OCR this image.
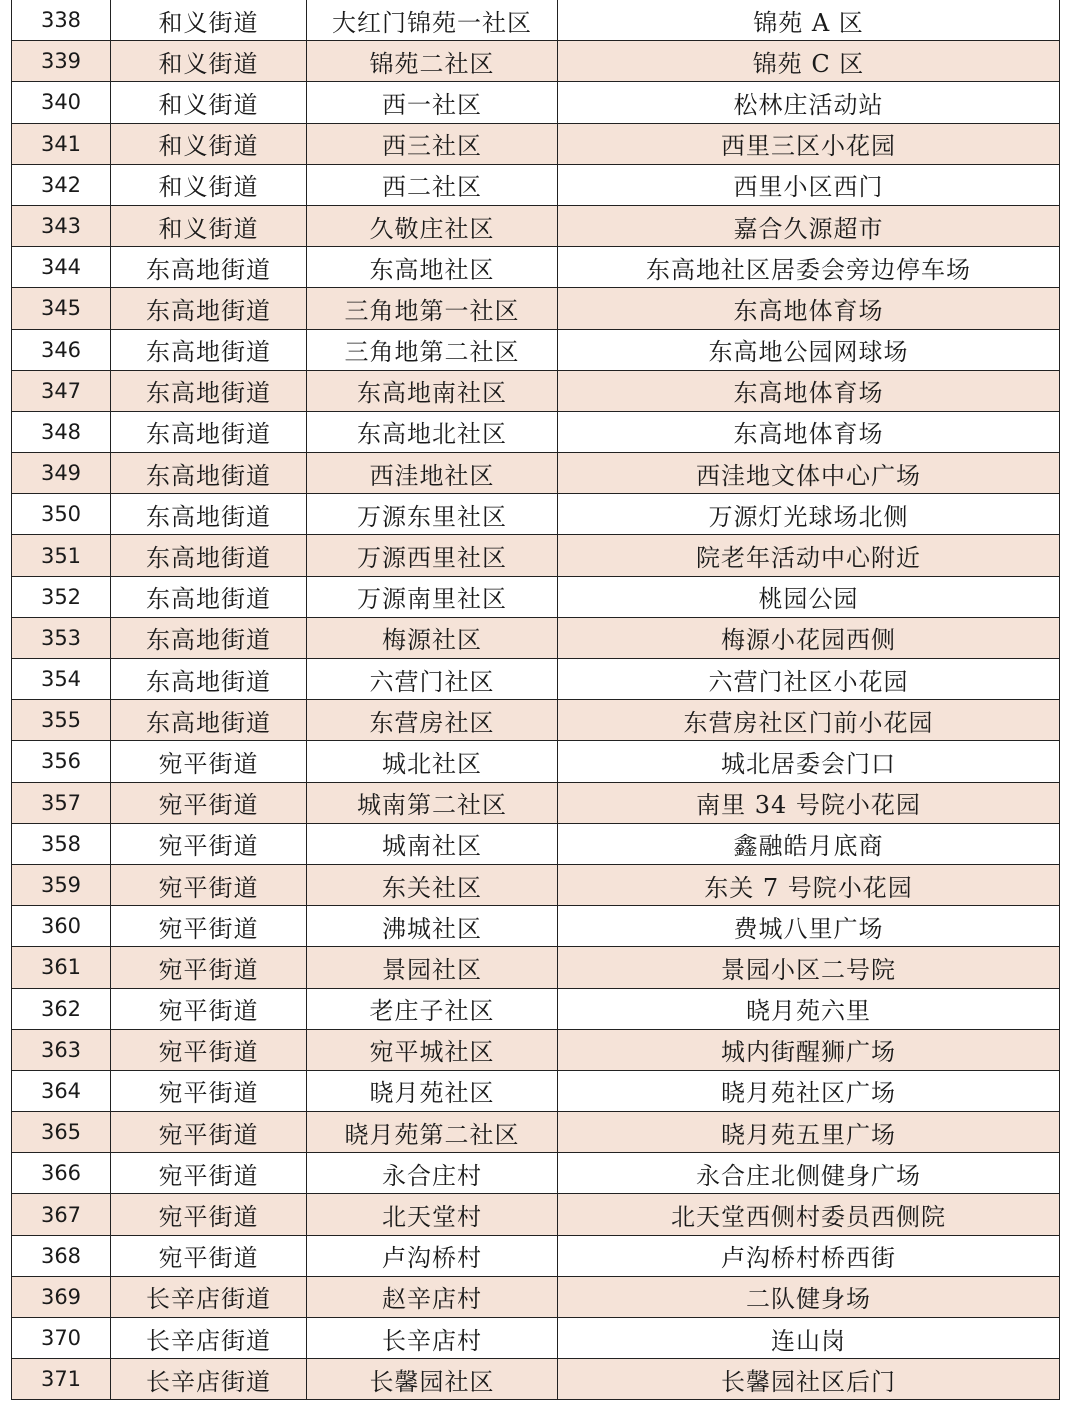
338	和义街道	大红门锦苑一社区	锦苑 A 区
339	和义街道	锦苑二社区	锦苑 C 区
340	和义街道	西一社区	松林庄活动站
341	和义街道	西三社区	西里三区小花园
342	和义街道	西二社区	西里小区西门
343	和义街道	久敬庄社区	嘉合久源超市
344	东高地街道	东高地社区	东高地社区居委会旁边停车场
345	东高地街道	三角地第一社区	东高地体育场
346	东高地街道	三角地第二社区	东高地公园网球场
347	东高地街道	东高地南社区	东高地体育场
348	东高地街道	东高地北社区	东高地体育场
349	东高地街道	西洼地社区	西洼地文体中心广场
350	东高地街道	万源东里社区	万源灯光球场北侧
351	东高地街道	万源西里社区	院老年活动中心附近
352	东高地街道	万源南里社区	桃园公园
353	东高地街道	梅源社区	梅源小花园西侧
354	东高地街道	六营门社区	六营门社区小花园
355	东高地街道	东营房社区	东营房社区门前小花园
356	宛平街道	城北社区	城北居委会门口
357	宛平街道	城南第二社区	南里 34 号院小花园
358	宛平街道	城南社区	鑫融皓月底商
359	宛平街道	东关社区	东关 7 号院小花园
360	宛平街道	沸城社区	费城八里广场
361	宛平街道	景园社区	景园小区二号院
362	宛平街道	老庄子社区	晓月苑六里
363	宛平街道	宛平城社区	城内街醒狮广场
364	宛平街道	晓月苑社区	晓月苑社区广场
365	宛平街道	晓月苑第二社区	晓月苑五里广场
366	宛平街道	永合庄村	永合庄北侧健身广场
367	宛平街道	北天堂村	北天堂西侧村委员西侧院
368	宛平街道	卢沟桥村	卢沟桥村桥西街
369	长辛店街道	赵辛店村	二队健身场
370	长辛店街道	长辛店村	连山岗
371	长辛店街道	长馨园社区	长馨园社区后门
